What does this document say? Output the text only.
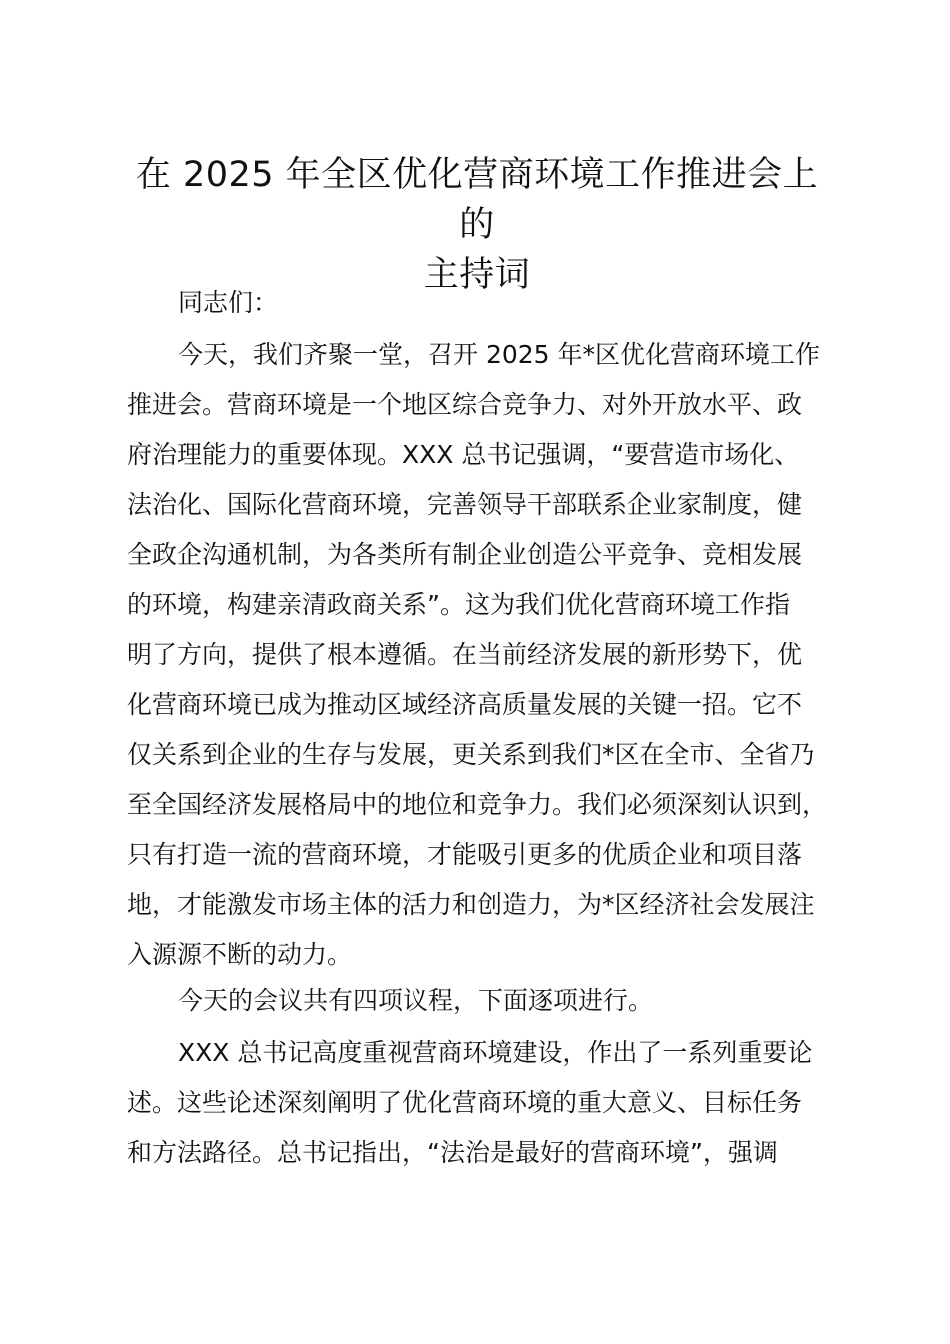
在 2025 年全区优化营商环境工作推进会上的
主持词
同志们：
今天，我们齐聚一堂，召开 2025 年*区优化营商环境工作
推进会。营商环境是一个地区综合竞争力、对外开放水平、政
府治理能力的重要体现。XXX 总书记强调，“要营造市场化、
法治化、国际化营商环境，完善领导干部联系企业家制度，健
全政企沟通机制，为各类所有制企业创造公平竞争、竞相发展
的环境，构建亲清政商关系”。这为我们优化营商环境工作指
明了方向，提供了根本遵循。在当前经济发展的新形势下，优
化营商环境已成为推动区域经济高质量发展的关键一招。它不
仅关系到企业的生存与发展，更关系到我们*区在全市、全省乃
至全国经济发展格局中的地位和竞争力。我们必须深刻认识到，
只有打造一流的营商环境，才能吸引更多的优质企业和项目落
地，才能激发市场主体的活力和创造力，为*区经济社会发展注
入源源不断的动力。
今天的会议共有四项议程，下面逐项进行。
XXX 总书记高度重视营商环境建设，作出了一系列重要论
述。这些论述深刻阐明了优化营商环境的重大意义、目标任务
和方法路径。总书记指出，“法治是最好的营商环境”，强调
